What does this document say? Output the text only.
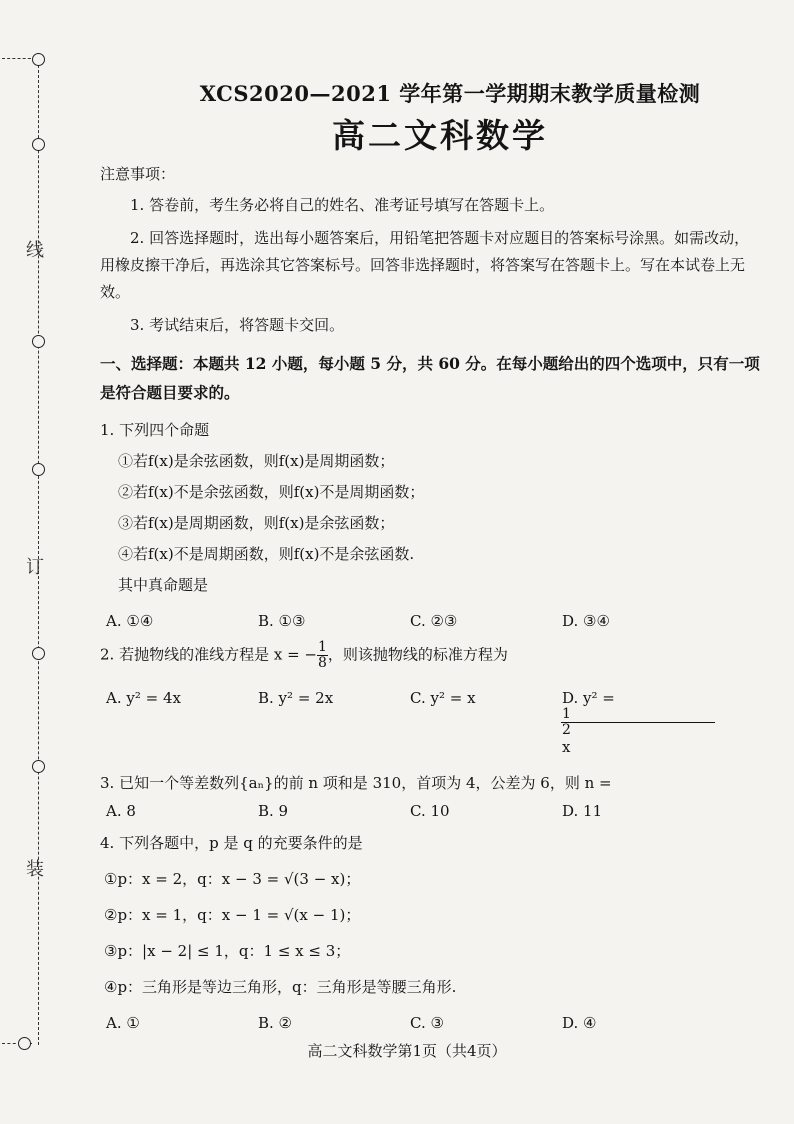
线
订
装
XCS2020—2021 学年第一学期期末教学质量检测
高二文科数学
注意事项：

1. 答卷前，考生务必将自己的姓名、准考证号填写在答题卡上。

2. 回答选择题时，选出每小题答案后，用铅笔把答题卡对应题目的答案标号涂黑。如需改动，用橡皮擦干净后，再选涂其它答案标号。回答非选择题时，将答案写在答题卡上。写在本试卷上无效。

3. 考试结束后，将答题卡交回。

一、选择题：本题共 12 小题，每小题 5 分，共 60 分。在每小题给出的四个选项中，只有一项是符合题目要求的。
1. 下列四个命题
①若f(x)是余弦函数，则f(x)是周期函数；
②若f(x)不是余弦函数，则f(x)不是周期函数；
③若f(x)是周期函数，则f(x)是余弦函数；
④若f(x)不是周期函数，则f(x)不是余弦函数.
其中真命题是
A. ①④	B. ①③	C. ②③	D. ③④
2. 若抛物线的准线方程是 x = − $\frac{1}{8}$ ，则该抛物线的标准方程为
A. y² = 4x	B. y² = 2x	C. y² = x	D. y² =
$\frac{1}{2}$
x
3. 已知一个等差数列{aₙ}的前 n 项和是 310，首项为 4，公差为 6，则 n =
A. 8	B. 9	C. 10	D. 11
4. 下列各题中，p 是 q 的充要条件的是
①p：x = 2，q：x − 3 = √(3 − x)；
②p：x = 1，q：x − 1 = √(x − 1)；
③p：|x − 2| ≤ 1，q：1 ≤ x ≤ 3；
④p：三角形是等边三角形，q：三角形是等腰三角形.
A. ①	B. ②	C. ③	D. ④
高二文科数学第1页（共4页）
